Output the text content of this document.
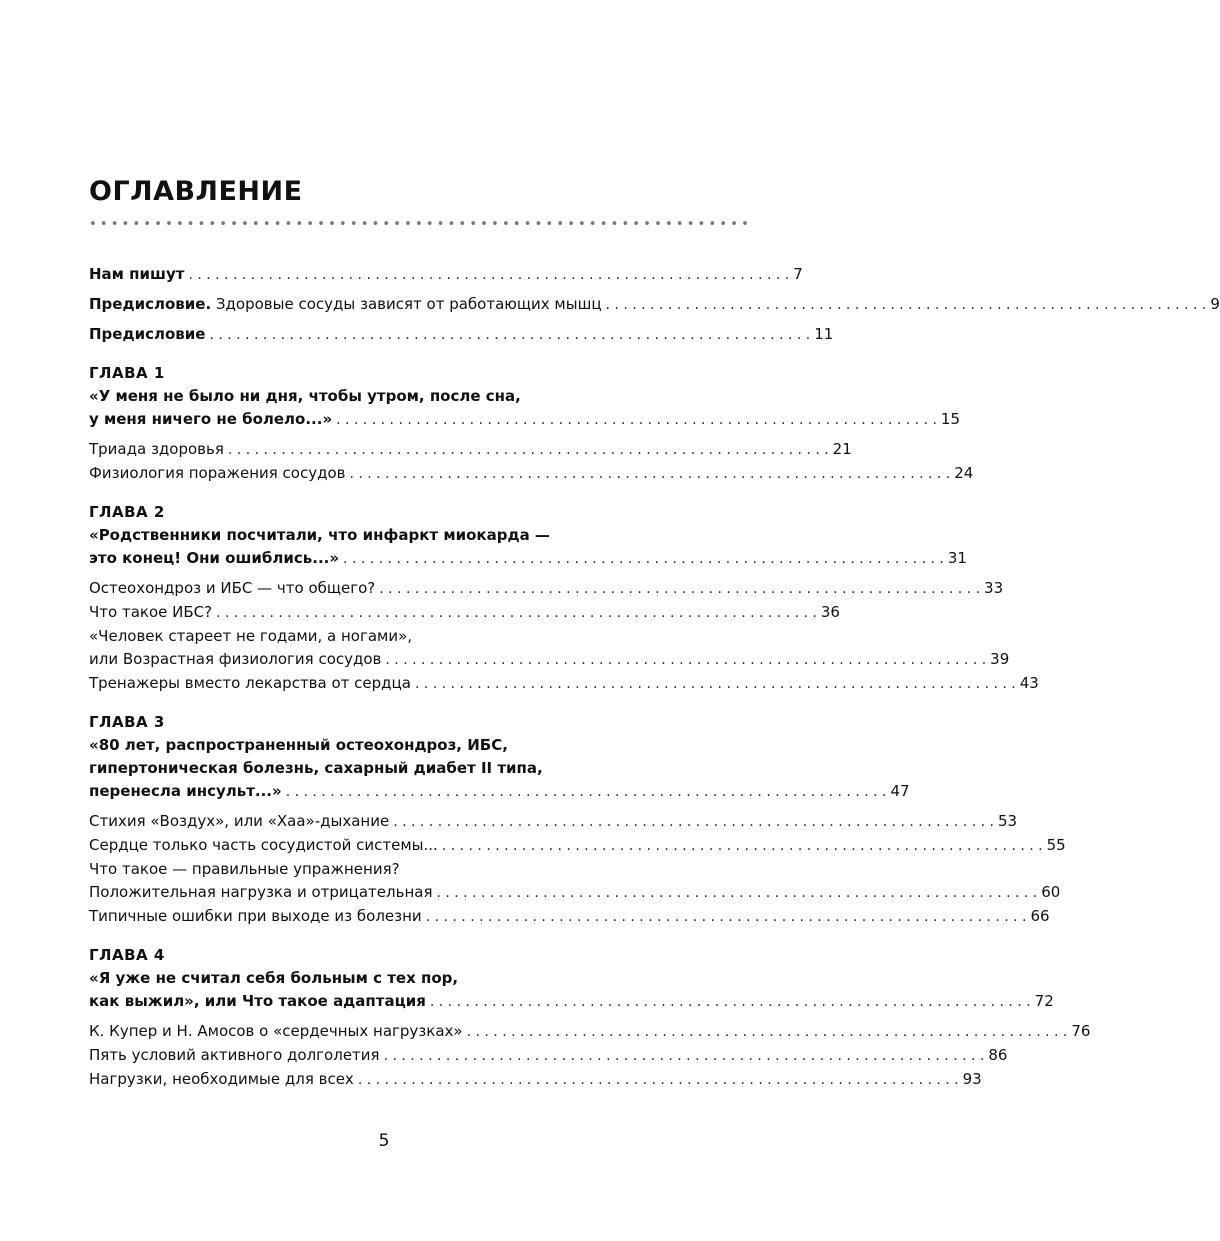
ОГЛАВЛЕНИЕ
•••••••••••••••••••••••••••••••••••••••••••••••••••••••••••••
Нам пишут . . .	7
Предисловие. Здоровые сосуды зависят от работающих мышц . . .	9
Предисловие . . .	11
ГЛАВА 1
«У меня не было ни дня, чтобы утром, после сна,
у меня ничего не болело...» . . .	15
Триада здоровья . . .	21
Физиология поражения сосудов . . .	24
ГЛАВА 2
«Родственники посчитали, что инфаркт миокарда —
это конец! Они ошиблись...» . . .	31
Остеохондроз и ИБС — что общего? . . .	33
Что такое ИБС? . . .	36
«Человек стареет не годами, а ногами»,
или Возрастная физиология сосудов . . .	39
Тренажеры вместо лекарства от сердца . . .	43
ГЛАВА 3
«80 лет, распространенный остеохондроз, ИБС,
гипертоническая болезнь, сахарный диабет II типа,
перенесла инсульт...» . . .	47
Стихия «Воздух», или «Хаа»-дыхание . . .	53
Сердце только часть сосудистой системы... . . .	55
Что такое — правильные упражнения?
Положительная нагрузка и отрицательная . . .	60
Типичные ошибки при выходе из болезни . . .	66
ГЛАВА 4
«Я уже не считал себя больным с тех пор,
как выжил», или Что такое адаптация . . .	72
К. Купер и Н. Амосов о «сердечных нагрузках» . . .	76
Пять условий активного долголетия . . .	86
Нагрузки, необходимые для всех . . .	93
5
